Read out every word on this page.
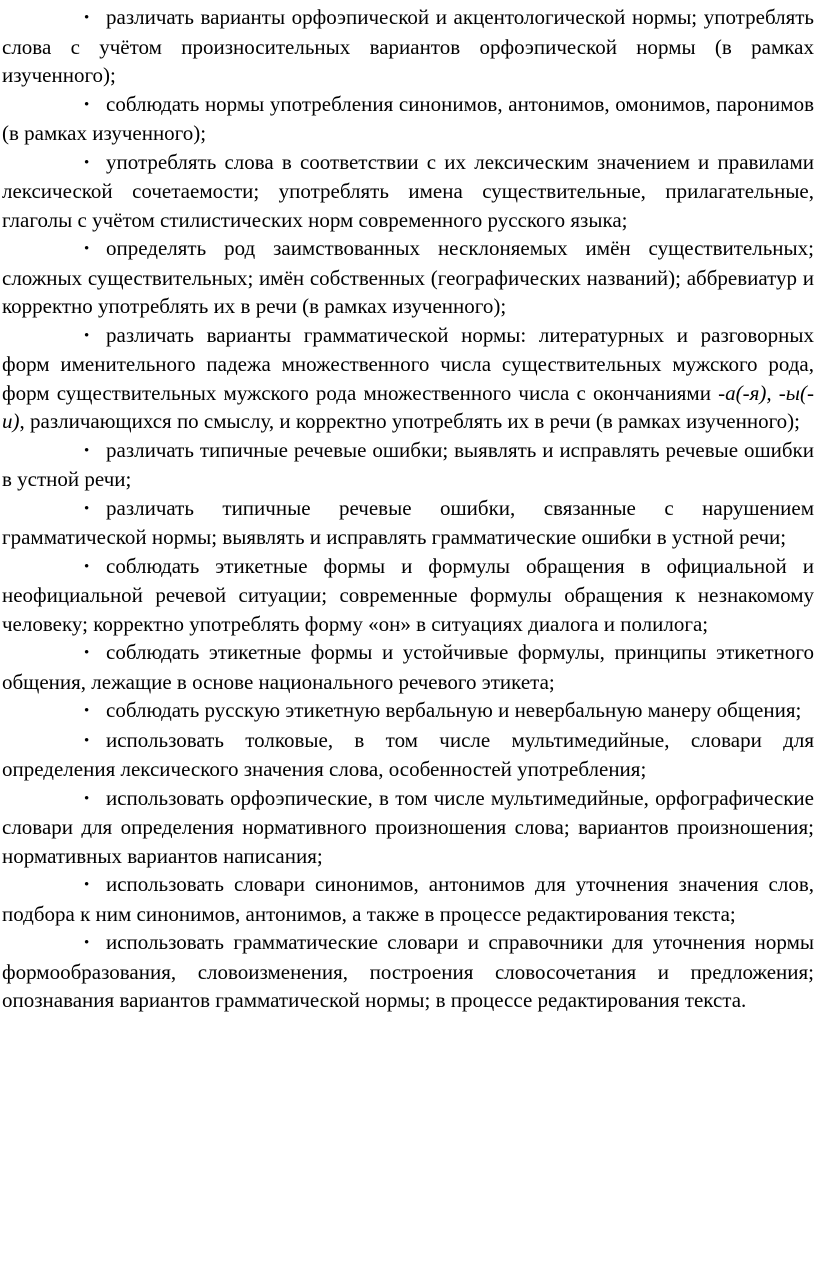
• различать варианты орфоэпической и акцентологической нормы; употреблять слова с учётом произносительных вариантов орфоэпической нормы (в рамках изученного);

• соблюдать нормы употребления синонимов, антонимов, омонимов, паронимов (в рамках изученного);

• употреблять слова в соответствии с их лексическим значением и правилами лексической сочетаемости; употреблять имена существительные, прилагательные, глаголы с учётом стилистических норм современного русского языка;

• определять род заимствованных несклоняемых имён существительных; сложных существительных; имён собственных (географических названий); аббревиатур и корректно употреблять их в речи (в рамках изученного);

• различать варианты грамматической нормы: литературных и разговорных форм именительного падежа множественного числа существительных мужского рода, форм существительных мужского рода множественного числа с окончаниями -а(-я), -ы(-и), различающихся по смыслу, и корректно употреблять их в речи (в рамках изученного);

• различать типичные речевые ошибки; выявлять и исправлять речевые ошибки в устной речи;

• различать типичные речевые ошибки, связанные с нарушением грамматической нормы; выявлять и исправлять грамматические ошибки в устной речи;

• соблюдать этикетные формы и формулы обращения в официальной и неофициальной речевой ситуации; современные формулы обращения к незнакомому человеку; корректно употреблять форму «он» в ситуациях диалога и полилога;

• соблюдать этикетные формы и устойчивые формулы, принципы этикетного общения, лежащие в основе национального речевого этикета;

• соблюдать русскую этикетную вербальную и невербальную манеру общения;

• использовать толковые, в том числе мультимедийные, словари для определения лексического значения слова, особенностей употребления;

• использовать орфоэпические, в том числе мультимедийные, орфографические словари для определения нормативного произношения слова; вариантов произношения; нормативных вариантов написания;

• использовать словари синонимов, антонимов для уточнения значения слов, подбора к ним синонимов, антонимов, а также в процессе редактирования текста;

• использовать грамматические словари и справочники для уточнения нормы формообразования, словоизменения, построения словосочетания и предложения; опознавания вариантов грамматической нормы; в процессе редактирования текста.
